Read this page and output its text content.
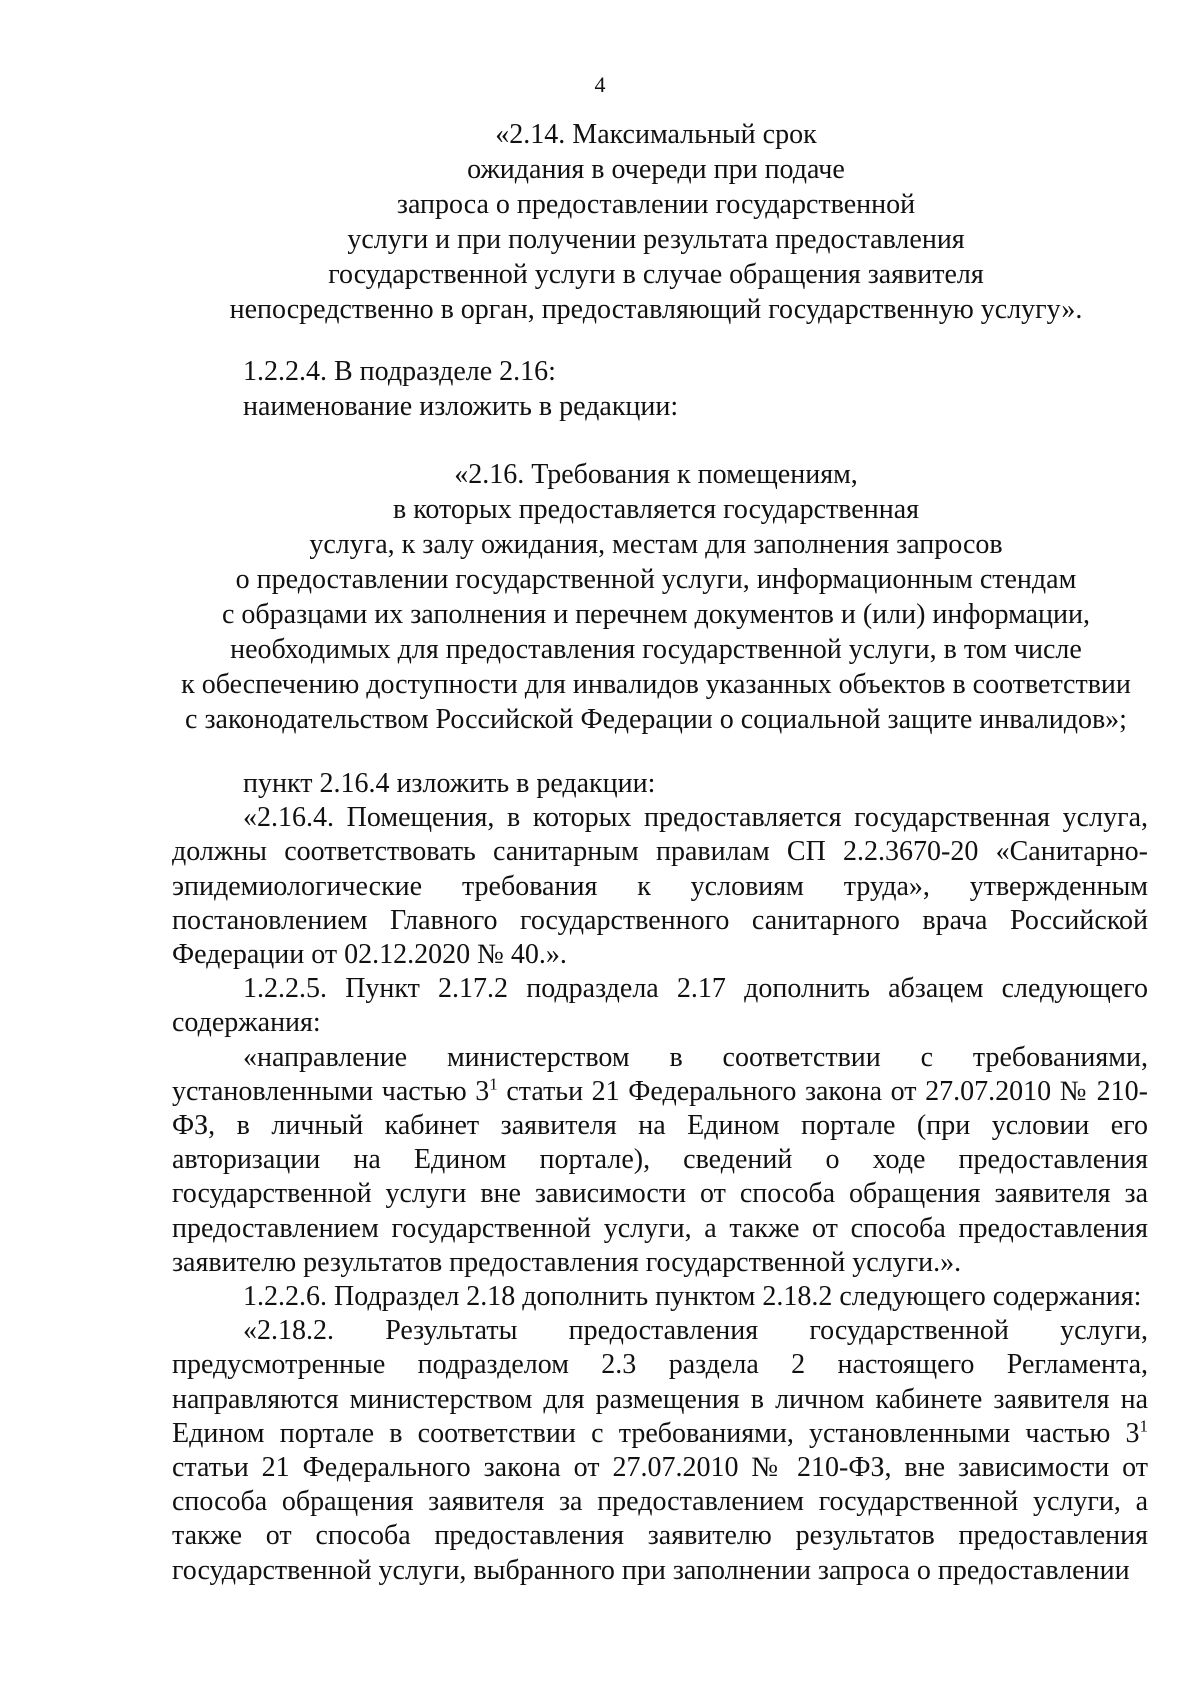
4
«2.14. Максимальный срок
ожидания в очереди при подаче
запроса о предоставлении государственной
услуги и при получении результата предоставления
государственной услуги в случае обращения заявителя
непосредственно в орган, предоставляющий государственную услугу».
1.2.2.4. В подразделе 2.16:
наименование изложить в редакции:
«2.16. Требования к помещениям,
в которых предоставляется государственная
услуга, к залу ожидания, местам для заполнения запросов
о предоставлении государственной услуги, информационным стендам
с образцами их заполнения и перечнем документов и (или) информации,
необходимых для предоставления государственной услуги, в том числе
к обеспечению доступности для инвалидов указанных объектов в соответствии
с законодательством Российской Федерации о социальной защите инвалидов»;

пункт 2.16.4 изложить в редакции:

«2.16.4. Помещения, в которых предоставляется государственная услуга, должны соответствовать санитарным правилам СП 2.2.3670-20 «Санитарно-эпидемиологические требования к условиям труда», утвержденным постановлением Главного государственного санитарного врача Российской Федерации от 02.12.2020 № 40.».

1.2.2.5. Пункт 2.17.2 подраздела 2.17 дополнить абзацем следующего содержания:

«направление министерством в соответствии с требованиями, установленными частью $3^1$ статьи 21 Федерального закона от 27.07.2010 № 210-ФЗ, в личный кабинет заявителя на Едином портале (при условии его авторизации на Едином портале), сведений о ходе предоставления государственной услуги вне зависимости от способа обращения заявителя за предоставлением государственной услуги, а также от способа предоставления заявителю результатов предоставления государственной услуги.».

1.2.2.6. Подраздел 2.18 дополнить пунктом 2.18.2 следующего содержания:

«2.18.2. Результаты предоставления государственной услуги, предусмотренные подразделом 2.3 раздела 2 настоящего Регламента, направляются министерством для размещения в личном кабинете заявителя на Едином портале в соответствии с требованиями, установленными частью $3^1$ статьи 21 Федерального закона от 27.07.2010 № 210-ФЗ, вне зависимости от способа обращения заявителя за предоставлением государственной услуги, а также от способа предоставления заявителю результатов предоставления государственной услуги, выбранного при заполнении запроса о предоставлении
